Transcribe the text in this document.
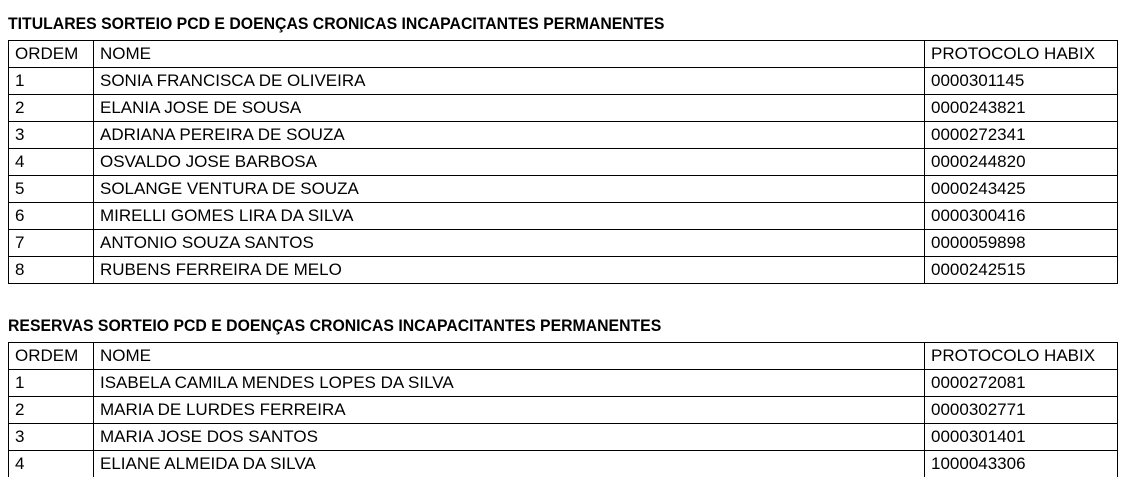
TITULARES SORTEIO PCD E DOENÇAS CRONICAS INCAPACITANTES PERMANENTES
ORDEM	NOME	PROTOCOLO HABIX
1	SONIA FRANCISCA DE OLIVEIRA	0000301145
2	ELANIA JOSE DE SOUSA	0000243821
3	ADRIANA PEREIRA DE SOUZA	0000272341
4	OSVALDO JOSE BARBOSA	0000244820
5	SOLANGE VENTURA DE SOUZA	0000243425
6	MIRELLI GOMES LIRA DA SILVA	0000300416
7	ANTONIO SOUZA SANTOS	0000059898
8	RUBENS FERREIRA DE MELO	0000242515
RESERVAS SORTEIO PCD E DOENÇAS CRONICAS INCAPACITANTES PERMANENTES
ORDEM	NOME	PROTOCOLO HABIX
1	ISABELA CAMILA MENDES LOPES DA SILVA	0000272081
2	MARIA DE LURDES FERREIRA	0000302771
3	MARIA JOSE DOS SANTOS	0000301401
4	ELIANE ALMEIDA DA SILVA	1000043306
